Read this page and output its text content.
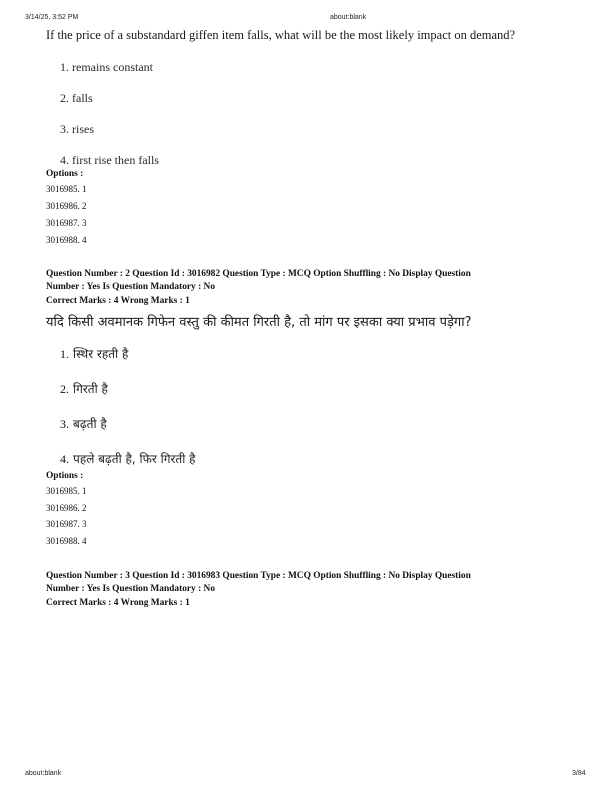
3/14/25, 3:52 PM	about:blank
If the price of a substandard giffen item falls, what will be the most likely impact on demand?
1. remains constant
2. falls
3. rises
4. first rise then falls
Options :
3016985. 1
3016986. 2
3016987. 3
3016988. 4
Question Number : 2 Question Id : 3016982 Question Type : MCQ Option Shuffling : No Display Question
Number : Yes Is Question Mandatory : No
Correct Marks : 4 Wrong Marks : 1
यदि किसी अवमानक गिफेन वस्तु की कीमत गिरती है, तो मांग पर इसका क्या प्रभाव पड़ेगा?
1. स्थिर रहती है
2. गिरती है
3. बढ़ती है
4. पहले बढ़ती है, फिर गिरती है
Options :
3016985. 1
3016986. 2
3016987. 3
3016988. 4
Question Number : 3 Question Id : 3016983 Question Type : MCQ Option Shuffling : No Display Question
Number : Yes Is Question Mandatory : No
Correct Marks : 4 Wrong Marks : 1
about:blank	3/84
